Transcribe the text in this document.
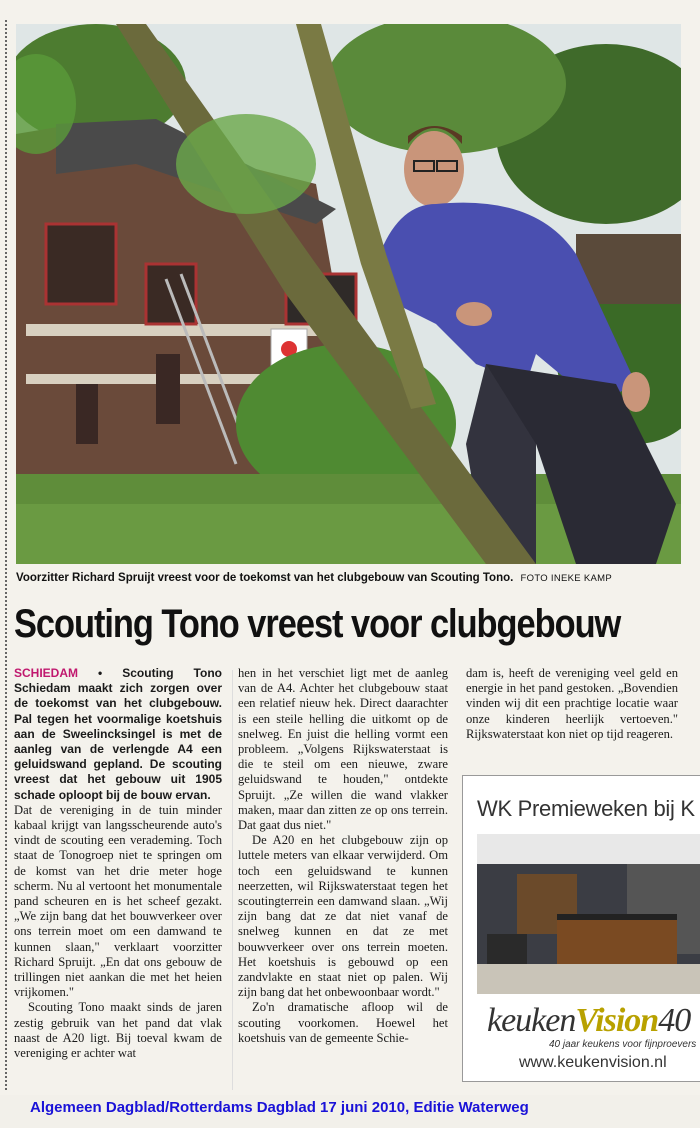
Voorzitter Richard Spruijt vreest voor de toekomst van het clubgebouw van Scouting Tono. FOTO INEKE KAMP
Scouting Tono vreest voor clubgebouw

SCHIEDAM • Scouting Tono Schiedam maakt zich zorgen over de toekomst van het clubgebouw. Pal tegen het voormalige koetshuis aan de Sweelincksingel is met de aanleg van de verlengde A4 een geluidswand gepland. De scouting vreest dat het gebouw uit 1905 schade oploopt bij de bouw ervan.

Dat de vereniging in de tuin minder kabaal krijgt van langsscheurende auto's vindt de scouting een verademing. Toch staat de Tonogroep niet te springen om de komst van het drie meter hoge scherm. Nu al vertoont het monumentale pand scheuren en is het scheef gezakt. „We zijn bang dat het bouwverkeer over ons terrein moet om een damwand te kunnen slaan," verklaart voorzitter Richard Spruijt. „En dat ons gebouw de trillingen niet aankan die met het heien vrijkomen."

Scouting Tono maakt sinds de jaren zestig gebruik van het pand dat vlak naast de A20 ligt. Bij toeval kwam de vereniging er achter wat

hen in het verschiet ligt met de aanleg van de A4. Achter het clubgebouw staat een relatief nieuw hek. Direct daarachter is een steile helling die uitkomt op de snelweg. En juist die helling vormt een probleem. „Volgens Rijkswaterstaat is die te steil om een nieuwe, zware geluidswand te houden," ontdekte Spruijt. „Ze willen die wand vlakker maken, maar dan zitten ze op ons terrein. Dat gaat dus niet."

De A20 en het clubgebouw zijn op luttele meters van elkaar verwijderd. Om toch een geluidswand te kunnen neerzetten, wil Rijkswaterstaat tegen het scoutingterrein een damwand slaan. „Wij zijn bang dat ze dat niet vanaf de snelweg kunnen en dat ze met bouwverkeer over ons terrein moeten. Het koetshuis is gebouwd op een zandvlakte en staat niet op palen. Wij zijn bang dat het onbewoonbaar wordt."

Zo'n dramatische afloop wil de scouting voorkomen. Hoewel het koetshuis van de gemeente Schie-

dam is, heeft de vereniging veel geld en energie in het pand gestoken. „Bovendien vinden wij dit een prachtige locatie waar onze kinderen heerlijk vertoeven." Rijkswaterstaat kon niet op tijd reageren.

WK Premieweken bij K
keukenVision40
40 jaar keukens voor fijnproevers
www.keukenvision.nl
Algemeen Dagblad/Rotterdams Dagblad 17 juni 2010, Editie Waterweg
